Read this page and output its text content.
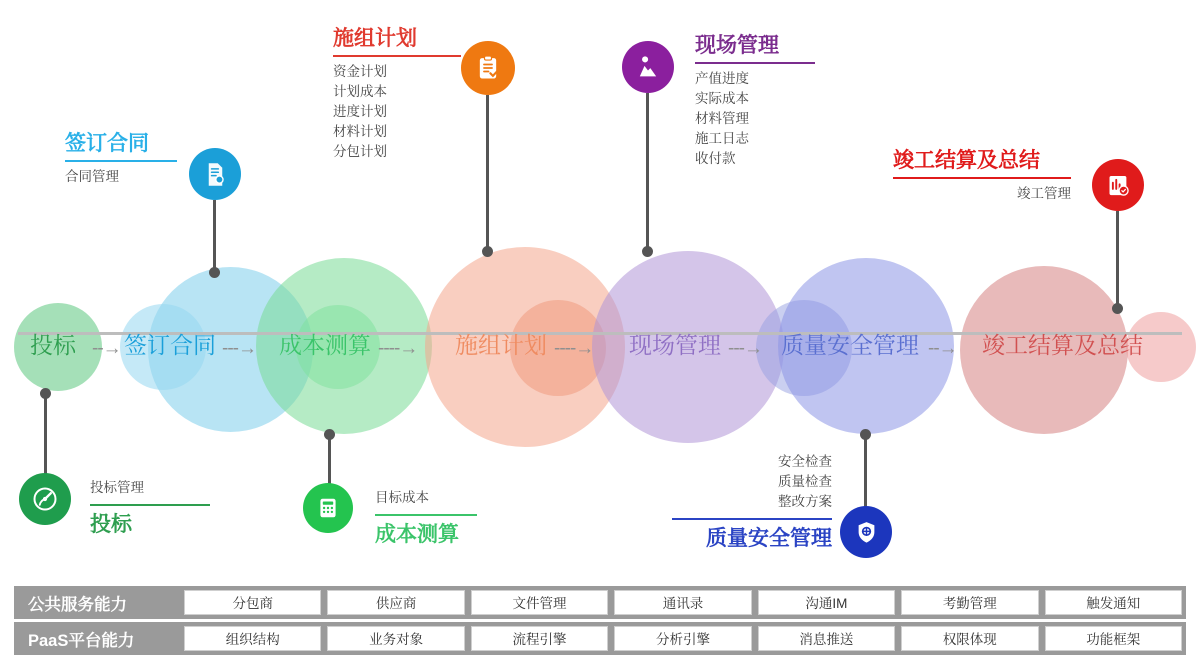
投标 --→ 签订合同 ---→ 成本测算 ----→ 施组计划 ----→ 现场管理 ---→ 质量安全管理 --→ 竣工结算及总结
签订合同
合同管理
施组计划
资金计划
计划成本
进度计划
材料计划
分包计划
现场管理
产值进度
实际成本
材料管理
施工日志
收付款	竣工结算及总结
竣工管理
投标管理
投标
目标成本
成本测算
安全检查
质量检查
整改方案
质量安全管理
公共服务能力	分包商	供应商	文件管理	通讯录	沟通IM	考勤管理	触发通知
PaaS平台能力	组织结构	业务对象	流程引擎	分析引擎	消息推送	权限体现	功能框架
